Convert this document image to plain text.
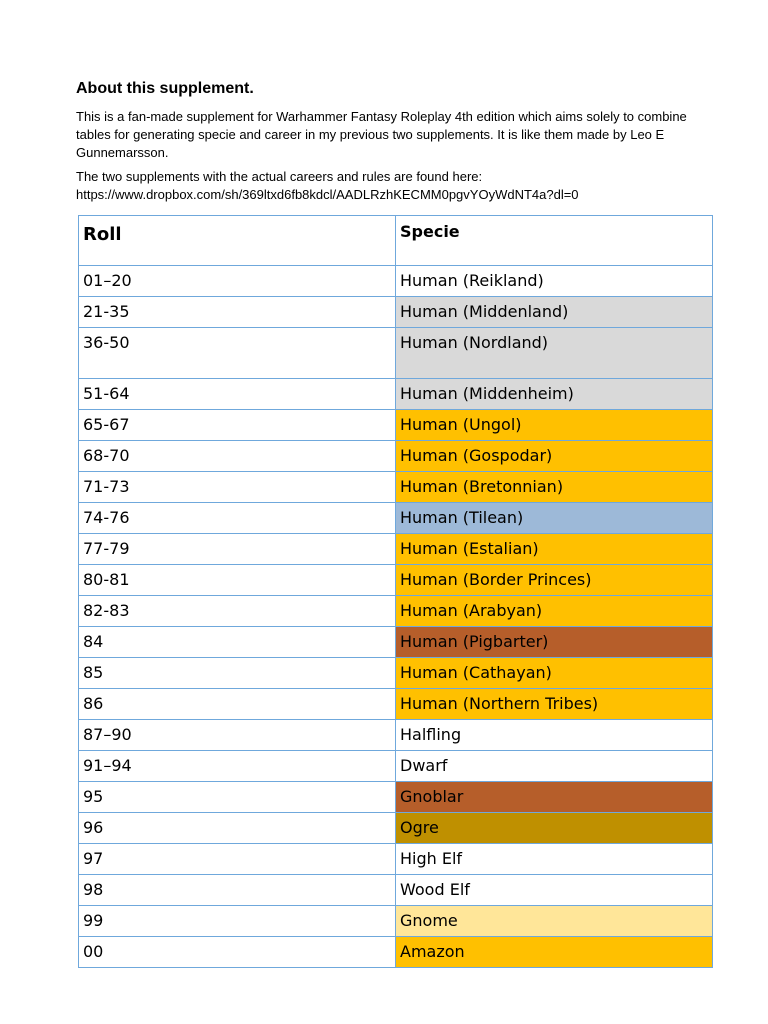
About this supplement.

This is a fan-made supplement for Warhammer Fantasy Roleplay 4th edition which aims solely to combine tables for generating specie and career in my previous two supplements. It is like them made by Leo E Gunnemarsson.

The two supplements with the actual careers and rules are found here: https://www.dropbox.com/sh/369ltxd6fb8kdcl/AADLRzhKECMM0pgvYOyWdNT4a?dl=0

Roll	Specie
01–20	Human (Reikland)
21-35	Human (Middenland)
36-50	Human (Nordland)
51-64	Human (Middenheim)
65-67	Human (Ungol)
68-70	Human (Gospodar)
71-73	Human (Bretonnian)
74-76	Human (Tilean)
77-79	Human (Estalian)
80-81	Human (Border Princes)
82-83	Human (Arabyan)
84	Human (Pigbarter)
85	Human (Cathayan)
86	Human (Northern Tribes)
87–90	Halfling
91–94	Dwarf
95	Gnoblar
96	Ogre
97	High Elf
98	Wood Elf
99	Gnome
00	Amazon
